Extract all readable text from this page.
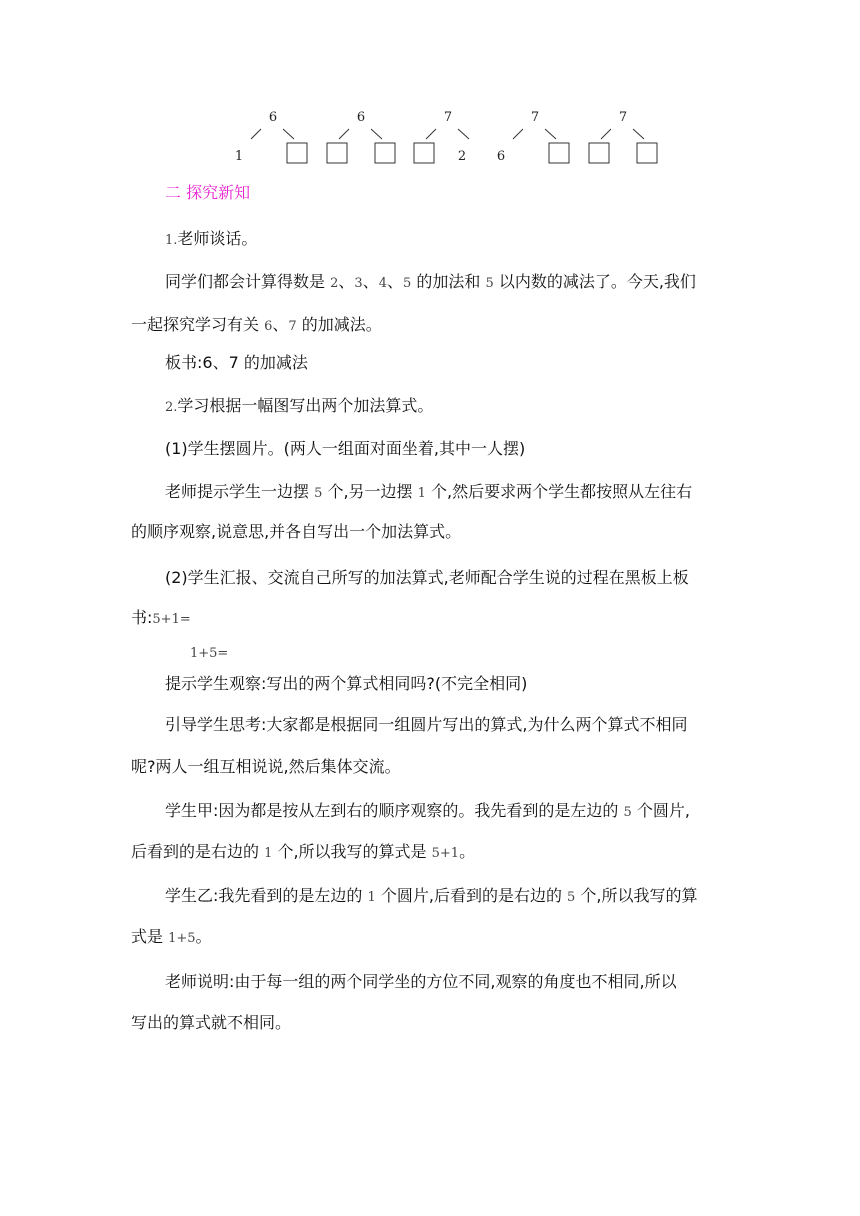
6
1
6	7
2
7
6
7
二 探究新知
1.老师谈话。
同学们都会计算得数是 2、3、4、5 的加法和 5 以内数的减法了。今天,我们
一起探究学习有关 6、7 的加减法。
板书:6、7 的加减法
2.学习根据一幅图写出两个加法算式。
(1)学生摆圆片。(两人一组面对面坐着,其中一人摆)
老师提示学生一边摆 5 个,另一边摆 1 个,然后要求两个学生都按照从左往右
的顺序观察,说意思,并各自写出一个加法算式。
(2)学生汇报、交流自己所写的加法算式,老师配合学生说的过程在黑板上板
书:5+1=
1+5=
提示学生观察:写出的两个算式相同吗?(不完全相同)
引导学生思考:大家都是根据同一组圆片写出的算式,为什么两个算式不相同
呢?两人一组互相说说,然后集体交流。
学生甲:因为都是按从左到右的顺序观察的。我先看到的是左边的 5 个圆片,
后看到的是右边的 1 个,所以我写的算式是 5+1。
学生乙:我先看到的是左边的 1 个圆片,后看到的是右边的 5 个,所以我写的算
式是 1+5。
老师说明:由于每一组的两个同学坐的方位不同,观察的角度也不相同,所以
写出的算式就不相同。
